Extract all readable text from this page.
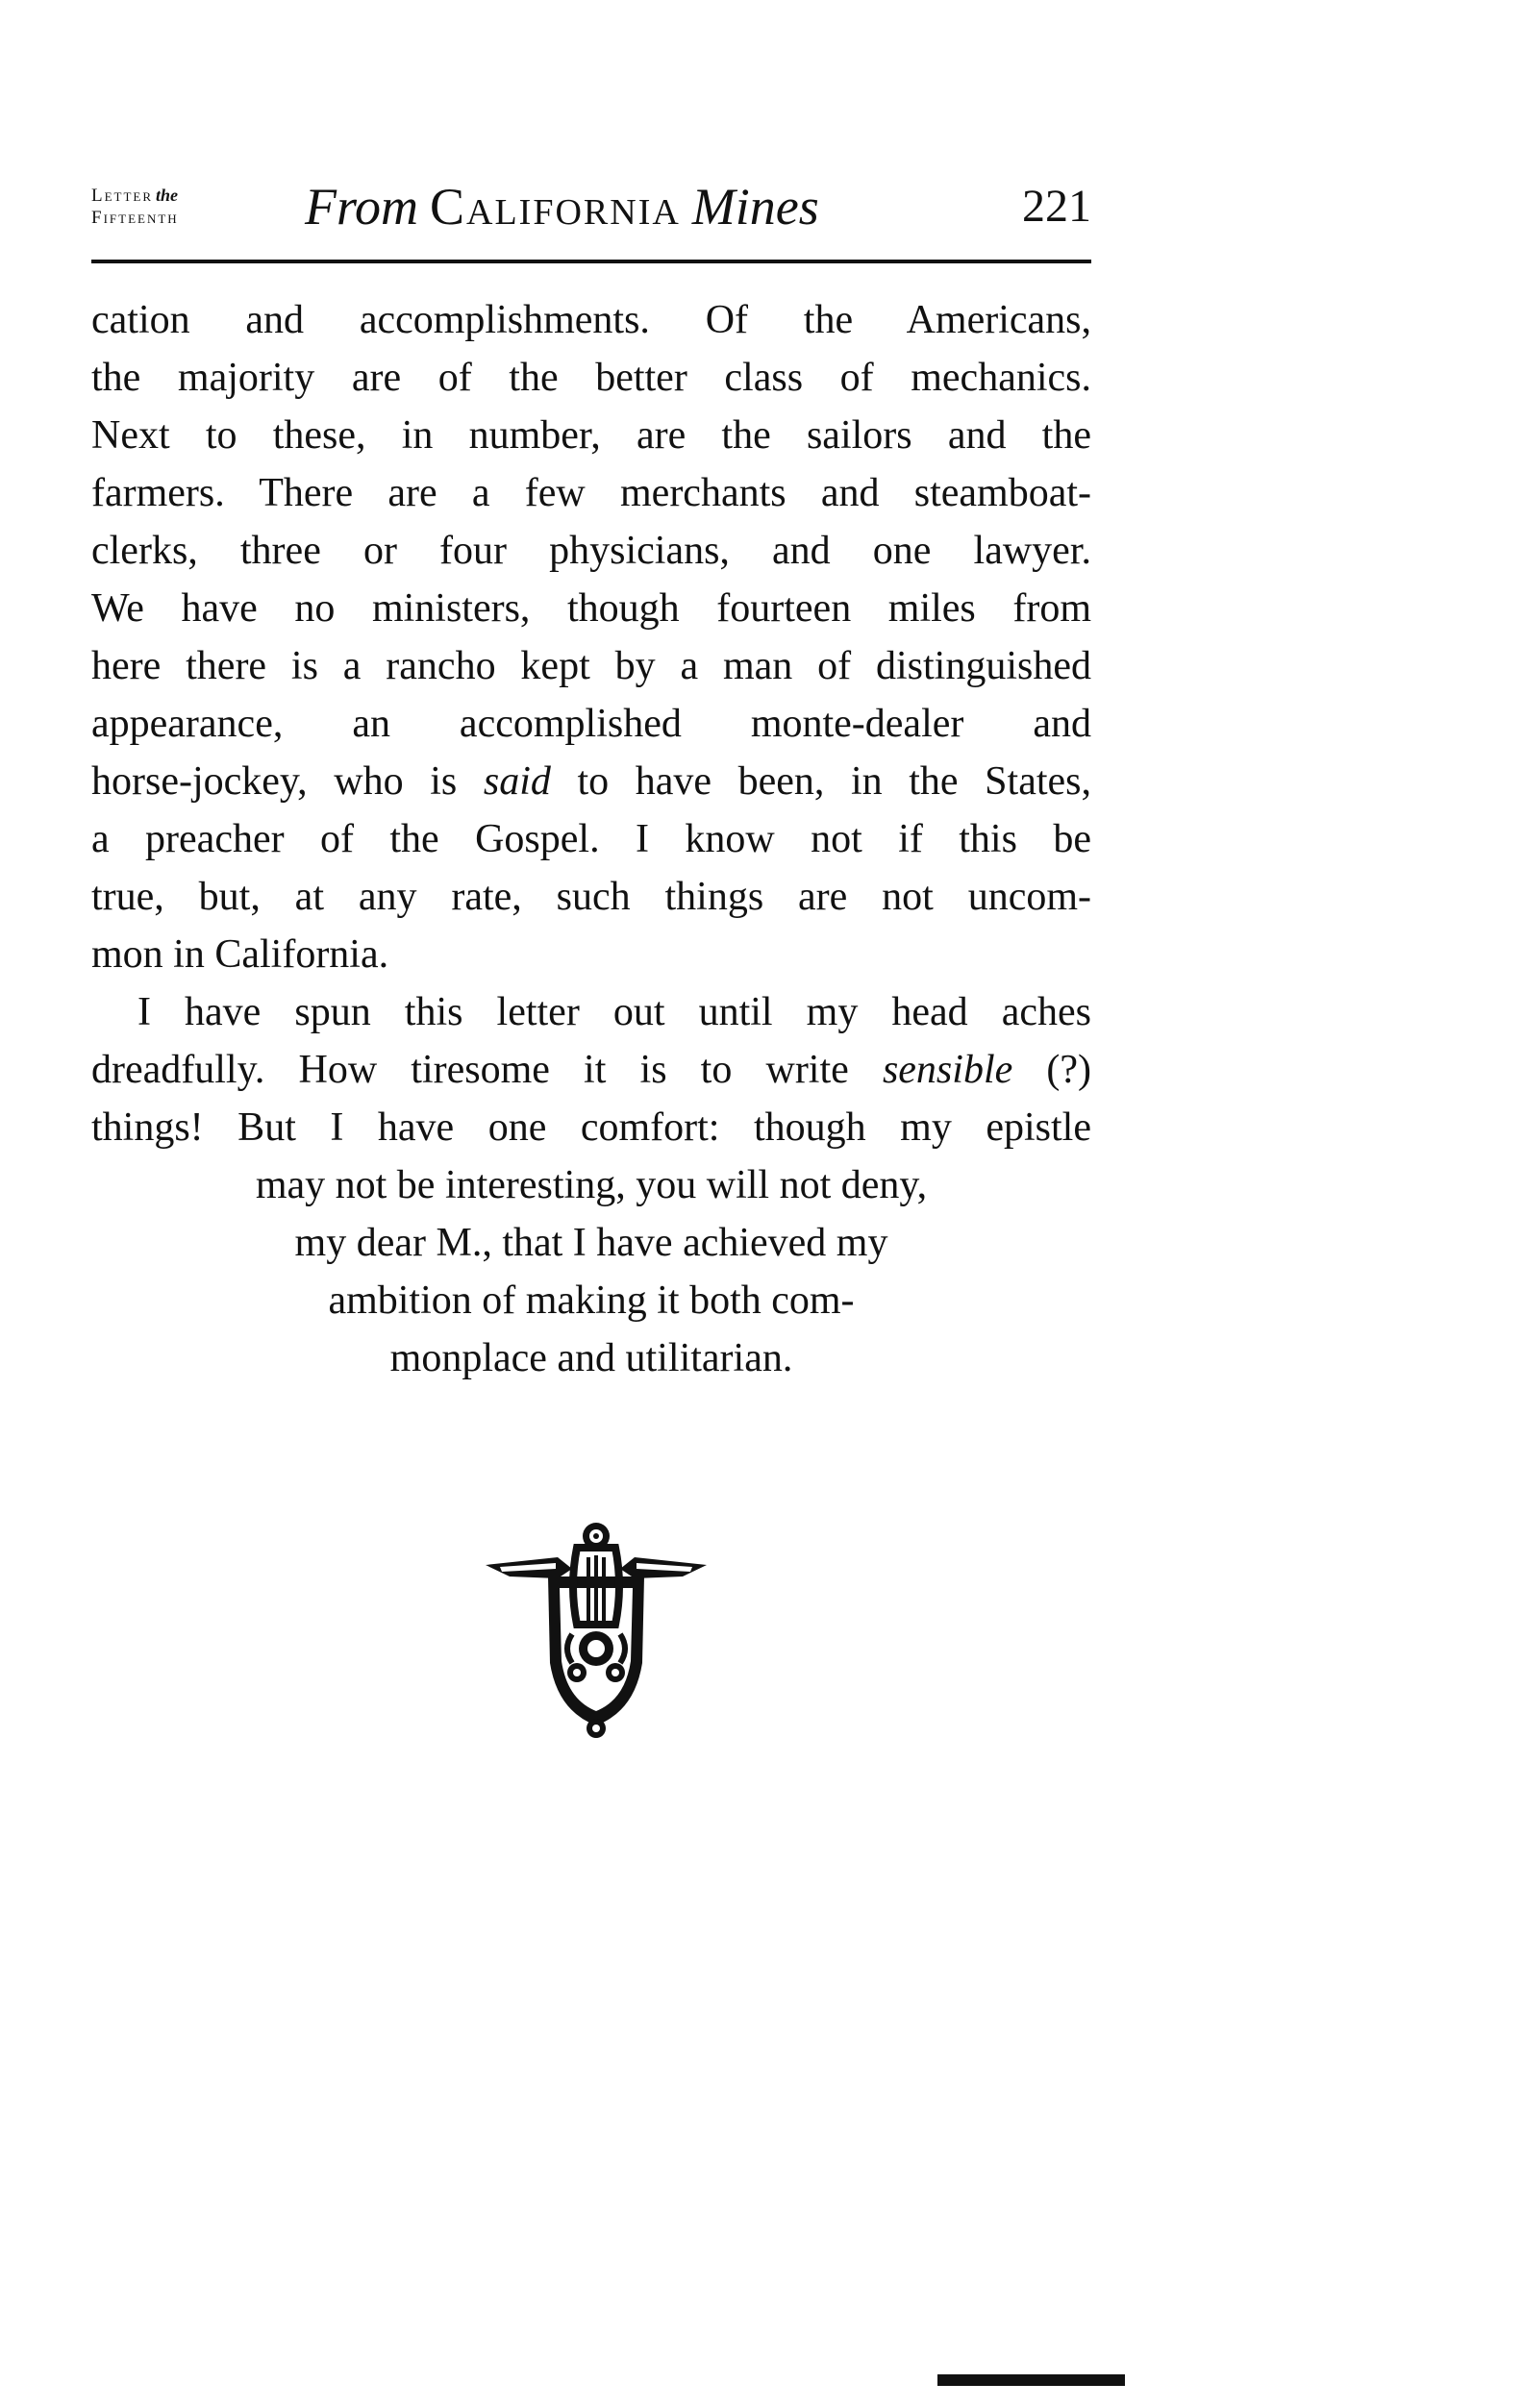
Letter the
Fifteenth From California Mines	221
cation and accomplishments. Of the Americans,
the majority are of the better class of mechanics.
Next to these, in number, are the sailors and the
farmers. There are a few merchants and steamboat-
clerks, three or four physicians, and one lawyer.
We have no ministers, though fourteen miles from
here there is a rancho kept by a man of distinguished
appearance, an accomplished monte-dealer and
horse-jockey, who is said to have been, in the States,
a preacher of the Gospel. I know not if this be
true, but, at any rate, such things are not uncom-
mon in California.
I have spun this letter out until my head aches
dreadfully. How tiresome it is to write sensible (?)
things! But I have one comfort: though my epistle
may not be interesting, you will not deny,
my dear M., that I have achieved my
ambition of making it both com-
monplace and utilitarian.
